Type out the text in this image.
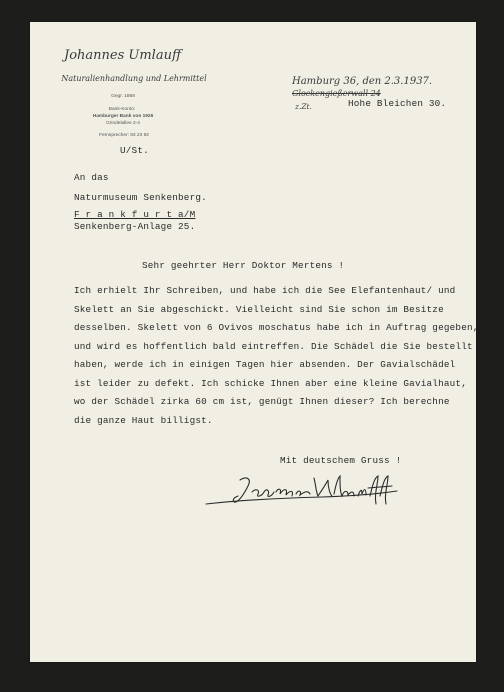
Johannes Umlauff
Naturalienhandlung und Lehrmittel
Gegr. 1868
Bank-Konto:
Hamburger Bank von 1926
Grindelallee 2-4
Fernsprecher: 93 23 92
U/St.
Hamburg 36, den 2.3.1937.
Glockengießerwall 24
z.Zt.	Hohe Bleichen 30.
An das
Naturmuseum Senkenberg.
F r a n k f u r t a/M
Senkenberg-Anlage 25.
Sehr geehrter Herr Doktor Mertens !
Ich erhielt Ihr Schreiben, und habe ich die See Elefantenhaut/ und
Skelett an Sie abgeschickt. Vielleicht sind Sie schon im Besitze
desselben. Skelett von 6 Ovivos moschatus habe ich in Auftrag gegeben,
und wird es hoffentlich bald eintreffen. Die Schädel die Sie bestellt
haben, werde ich in einigen Tagen hier absenden. Der Gavialschädel
ist leider zu defekt. Ich schicke Ihnen aber eine kleine Gavialhaut,
wo der Schädel zirka 60 cm ist, genügt Ihnen dieser? Ich berechne
die ganze Haut billigst.
Mit deutschem Gruss !
